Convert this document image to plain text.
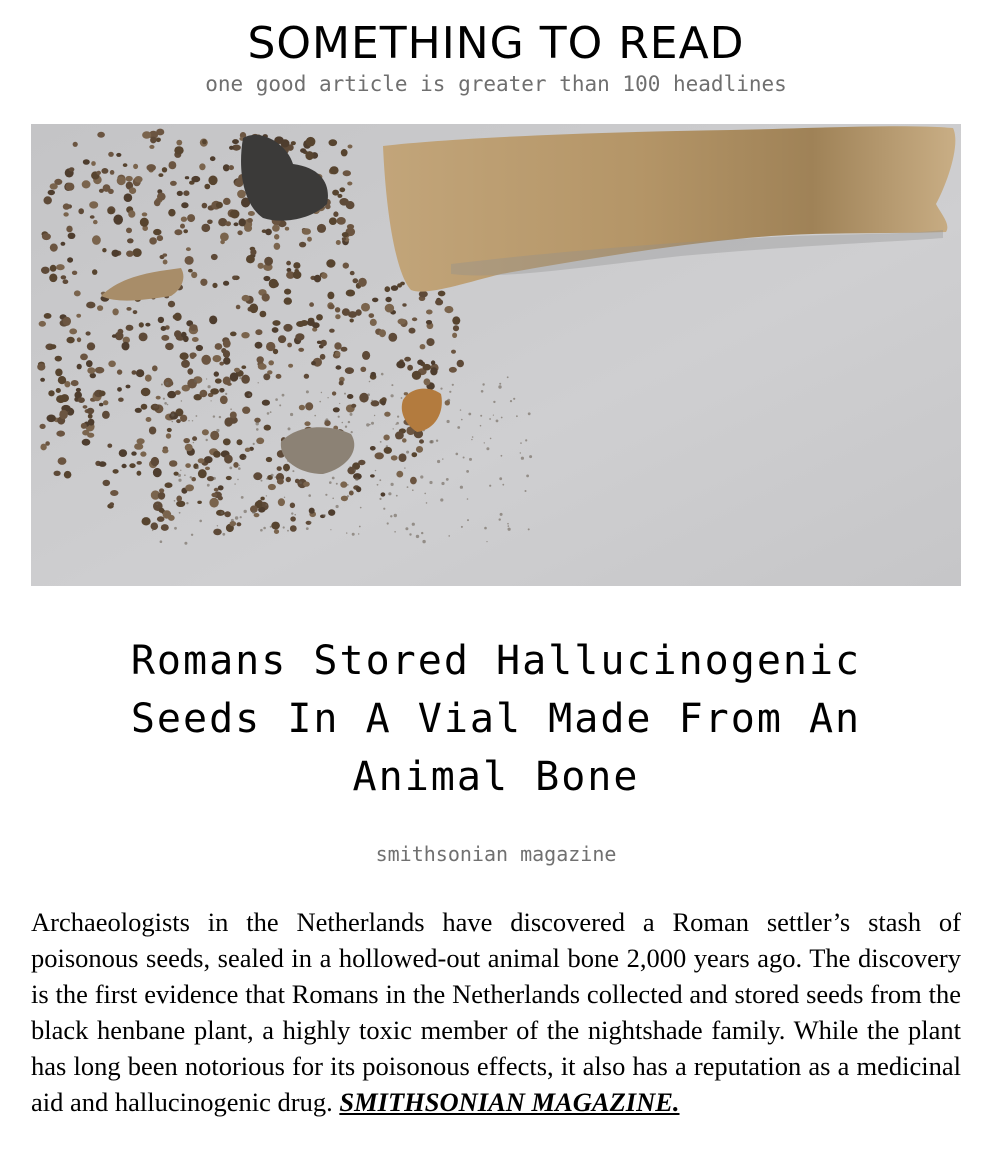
SOMETHING TO READ
one good article is greater than 100 headlines
Romans Stored Hallucinogenic Seeds In A Vial Made From An Animal Bone
smithsonian magazine

Archaeologists in the Netherlands have discovered a Roman settler’s stash of poisonous seeds, sealed in a hollowed-out animal bone 2,000 years ago. The discovery is the first evidence that Romans in the Netherlands collected and stored seeds from the black henbane plant, a highly toxic member of the nightshade family. While the plant has long been notorious for its poisonous effects, it also has a reputation as a medicinal aid and hallucinogenic drug. SMITHSONIAN MAGAZINE.
